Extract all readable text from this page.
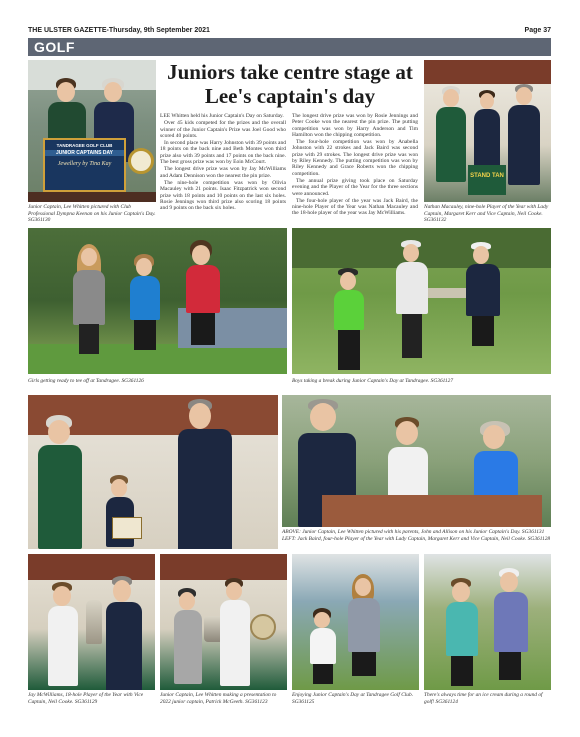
THE ULSTER GAZETTE-Thursday, 9th September 2021	Page 37
GOLF
TANDRAGEE GOLF CLUB
JUNIOR CAPTAINS DAY
Jewellery by Tina Kay
Junior Captain, Lee Whitten pictured with Club Professional Dympna Keenan on his Junior Captain's Day. SG361130
Juniors take centre stage at Lee's captain's day

LEE Whitten held his Junior Captain's Day on Saturday.

Over 45 kids competed for the prizes and the overall winner of the Junior Captain's Prize was Joel Good who scored 40 points.

In second place was Harry Johnston with 39 points and 18 points on the back nine and Beth Montes won third prize also with 39 points and 17 points on the back nine. The best gross prize was won by Eoin McCourt.

The longest drive prize was won by Jay McWilliams and Adam Dennison won the nearest the pin prize.

The nine-hole competition was won by Olivia Macauley with 21 points. Isaac Fitzpatrick won second prize with 18 points and 10 points on the last six holes. Rosie Jennings won third prize also scoring 18 points and 9 points on the back six holes.

The longest drive prize was won by Rosie Jennings and Peter Cooke won the nearest the pin prize. The putting competition was won by Harry Anderson and Tim Hamilton won the chipping competition.

The four-hole competition was won by Anabella Johnston with 22 strokes and Jack Baird was second prize with 29 strokes. The longest drive prize was won by Riley Kennedy. The putting competition was won by Riley Kennedy and Grace Roberts won the chipping competition.

The annual prize giving took place on Saturday evening and the Player of the Year for the three sections were announced.

The four-hole player of the year was Jack Baird, the nine-hole Player of the Year was Nathan Macauley and the 18-hole player of the year was Jay McWilliams.

STAND TAN
Nathan Macauley, nine-hole Player of the Year with Lady Captain, Margaret Kerr and Vice Captain, Neil Cooke. SG361132
Girls getting ready to tee off at Tandragee. SG361126	Boys taking a break during Junior Captain's Day at Tandragee. SG361127
ABOVE: Junior Captain, Lee Whitten pictured with his parents, John and Allison on his Junior Captain's Day. SG361131
LEFT: Jack Baird, four-hole Player of the Year with Lady Captain, Margaret Kerr and Vice Captain, Neil Cooke. SG361128
Jay McWilliams, 18-hole Player of the Year with Vice Captain, Neil Cooke. SG361129
Junior Captain, Lee Whitten making a presentation to 2022 junior captain, Patrick McGeeth. SG361123
Enjoying Junior Captain's Day at Tandragee Golf Club. SG361125
There's always time for an ice cream during a round of golf! SG361124
